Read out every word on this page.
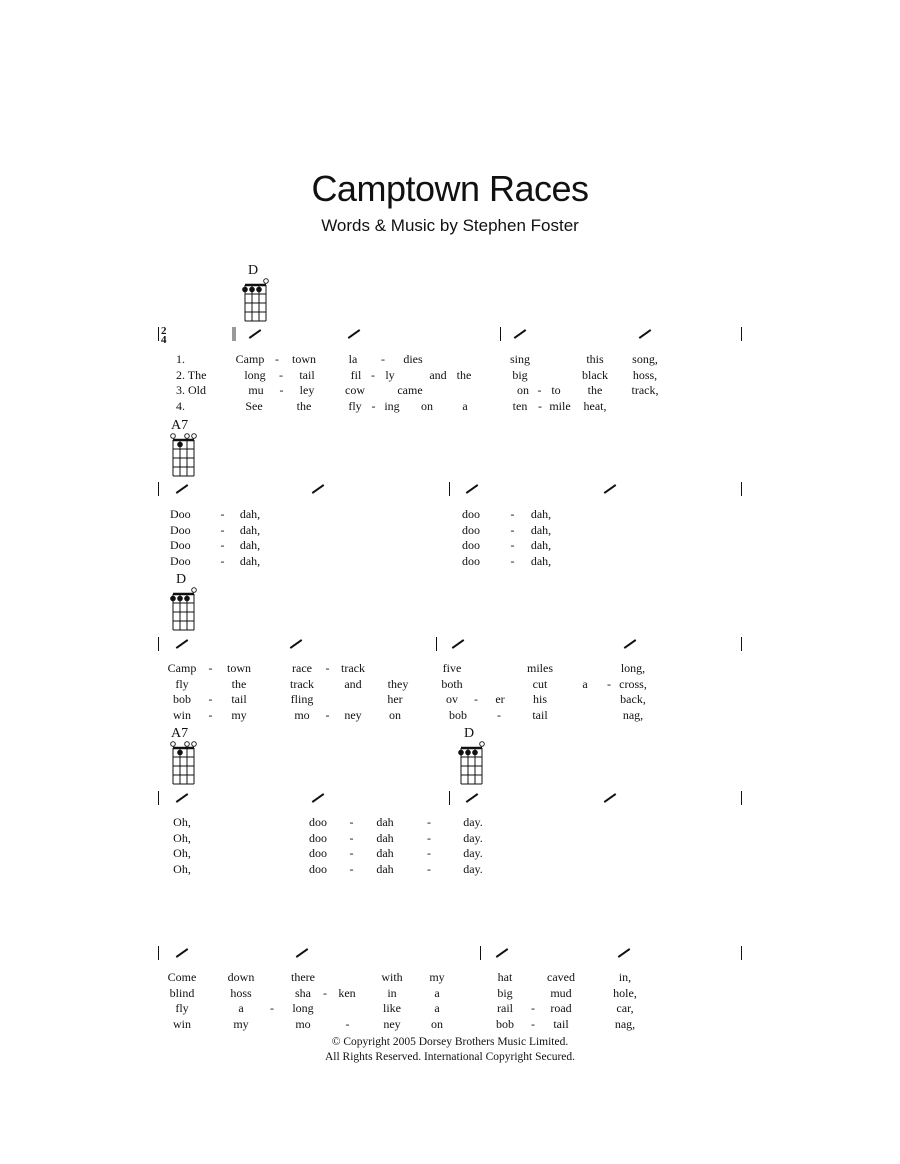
Camptown Races
Words & Music by Stephen Foster
D
2
4
1.	Camp town	la	dies	sing	this song,
-	-
2. The	long	tail	fil ly	and the	big	black hoss,
-	-
3. Old	mu	ley	cow	came	on to the track,
-	-
4.	See	the	fly ing on a	ten mile heat,
-	-
A7
Doo	dah,	doo	dah,
-	-
Doo	dah,	doo	dah,
-	-
Doo	dah,	doo	dah,
-	-
Doo	dah,	doo	dah,
-	-
D
Camp	town	race track	five	miles	long,
-	-
fly	the	track	and they	both	cut	a	cross,
-
bob	tail	fling	her	ov	er his	back,
-	-
win	my	mo	ney on	bob	tail	nag,
-	-	-
A7	D
Oh,	doo	dah	day.
-	-
Oh,	doo	dah	day.
-	-
Oh,	doo	dah	day.
-	-
Oh,	doo	dah	day.
-	-
Come	down	there	with my	hat	caved	in,
blind	hoss	sha ken	in	a	big	mud	hole,
-
fly	a	long	like	a	rail	road	car,
-	-
win	my	mo	ney	on	bob	tail	nag,
-	-
© Copyright 2005 Dorsey Brothers Music Limited.
All Rights Reserved. International Copyright Secured.
